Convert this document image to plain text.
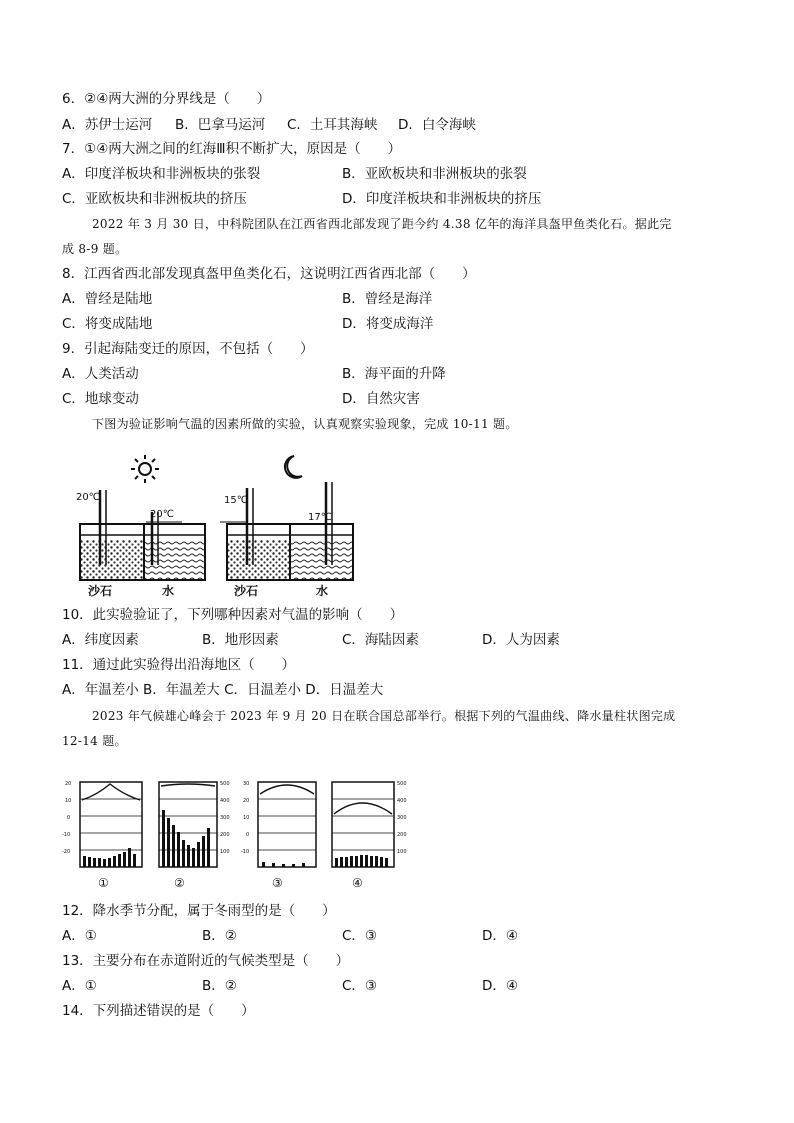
6．②④两大洲的分界线是（　　）
A．苏伊士运河 B．巴拿马运河 C．土耳其海峡 D．白令海峡
7．①④两大洲之间的红海Ⅲ积不断扩大，原因是（　　）
A．印度洋板块和非洲板块的张裂	B．亚欧板块和非洲板块的张裂
C．亚欧板块和非洲板块的挤压	D．印度洋板块和非洲板块的挤压
2022 年 3 月 30 日，中科院团队在江西省西北部发现了距今约 4.38 亿年的海洋具盔甲鱼类化石。据此完
成 8-9 题。
8．江西省西北部发现真盔甲鱼类化石，这说明江西省西北部（　　）
A．曾经是陆地	B．曾经是海洋
C．将变成陆地	D．将变成海洋
9．引起海陆变迁的原因，不包括（　　）
A．人类活动	B．海平面的升降
C．地球变动	D．自然灾害
下图为验证影响气温的因素所做的实验，认真观察实验现象，完成 10-11 题。
20℃
20℃
15℃
17℃
沙石	水	沙石	水
10．此实验验证了，下列哪种因素对气温的影响（　　）
A．纬度因素	B．地形因素	C．海陆因素	D．人为因素
11．通过此实验得出沿海地区（　　）
A．年温差小 B．年温差大 C．日温差小 D．日温差大
2023 年气候雄心峰会于 2023 年 9 月 20 日在联合国总部举行。根据下列的气温曲线、降水量柱状图完成
12-14 题。
20
10
0
-10
-20
500
400
300
200
100
30
20
10
0
-10
500
400
300
200
100
①	②	③	④
12．降水季节分配，属于冬雨型的是（　　）
A．①	B．②	C．③	D．④
13．主要分布在赤道附近的气候类型是（　　）
A．①	B．②	C．③	D．④
14．下列描述错误的是（　　）
